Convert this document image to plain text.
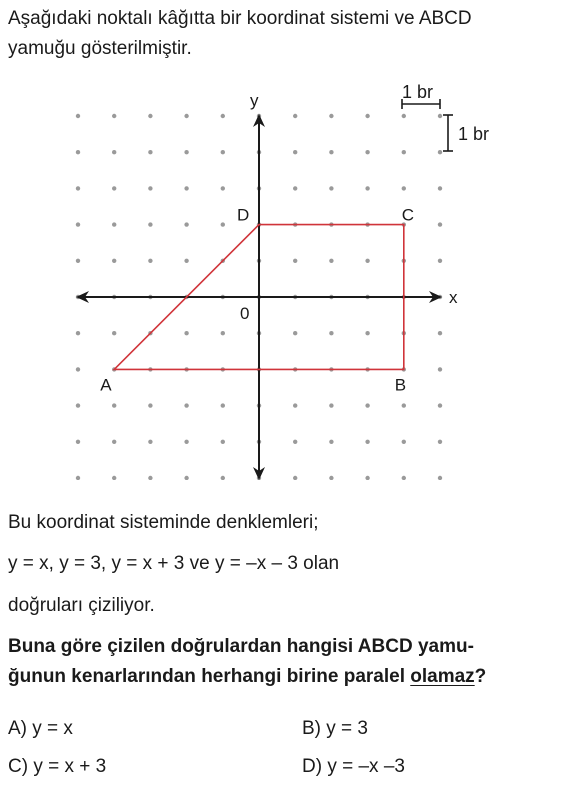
Aşağıdaki noktalı kâğıtta bir koordinat sistemi ve ABCD
yamuğu gösterilmiştir.
A	B
C
D
0
x
y	1 br
1 br
Bu koordinat sisteminde denklemleri;
y = x, y = 3, y = x + 3 ve y = –x – 3 olan
doğruları çiziliyor.
Buna göre çizilen doğrulardan hangisi ABCD yamu-
ğunun kenarlarından herhangi birine paralel olamaz?
A) y = x	B) y = 3
C) y = x + 3	D) y = –x –3
